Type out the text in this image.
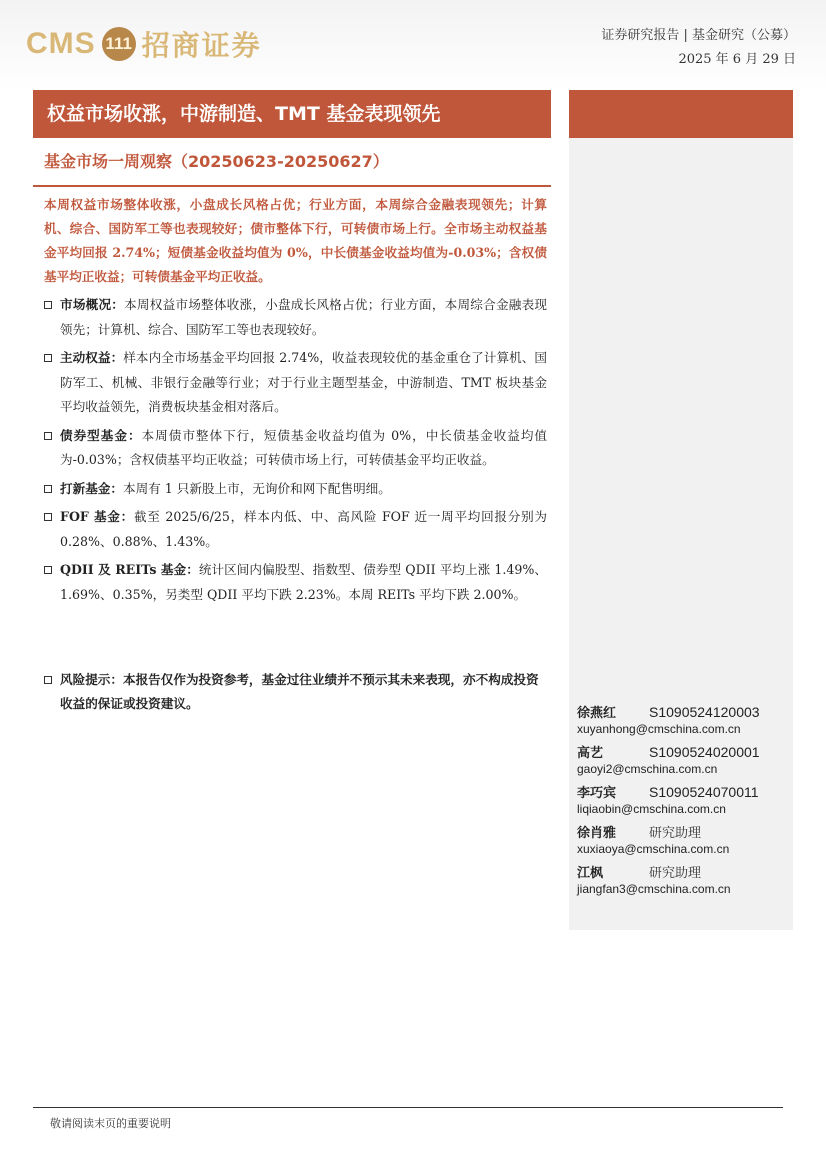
CMS 111 招商证券	证券研究报告 | 基金研究（公募）
2025 年 6 月 29 日
权益市场收涨，中游制造、TMT 基金表现领先
基金市场一周观察（20250623-20250627）
本周权益市场整体收涨，小盘成长风格占优；行业方面，本周综合金融表现领先；计算机、综合、国防军工等也表现较好；债市整体下行，可转债市场上行。全市场主动权益基金平均回报 2.74%；短债基金收益均值为 0%，中长债基金收益均值为-0.03%；含权债基平均正收益；可转债基金平均正收益。
市场概况：本周权益市场整体收涨，小盘成长风格占优；行业方面，本周综合金融表现领先；计算机、综合、国防军工等也表现较好。
主动权益：样本内全市场基金平均回报 2.74%，收益表现较优的基金重仓了计算机、国防军工、机械、非银行金融等行业；对于行业主题型基金，中游制造、TMT 板块基金平均收益领先，消费板块基金相对落后。
债券型基金：本周债市整体下行，短债基金收益均值为 0%，中长债基金收益均值为-0.03%；含权债基平均正收益；可转债市场上行，可转债基金平均正收益。
打新基金：本周有 1 只新股上市，无询价和网下配售明细。
FOF 基金：截至 2025/6/25，样本内低、中、高风险 FOF 近一周平均回报分别为 0.28%、0.88%、1.43%。
QDII 及 REITs 基金：统计区间内偏股型、指数型、债券型 QDII 平均上涨 1.49%、1.69%、0.35%，另类型 QDII 平均下跌 2.23%。本周 REITs 平均下跌 2.00%。
风险提示：本报告仅作为投资参考，基金过往业绩并不预示其未来表现，亦不构成投资收益的保证或投资建议。
徐燕红	S1090524120003
xuyanhong@cmschina.com.cn
高艺	S1090524020001
gaoyi2@cmschina.com.cn
李巧宾	S1090524070011
liqiaobin@cmschina.com.cn
徐肖雅	研究助理
xuxiaoya@cmschina.com.cn
江枫	研究助理
jiangfan3@cmschina.com.cn
敬请阅读末页的重要说明
